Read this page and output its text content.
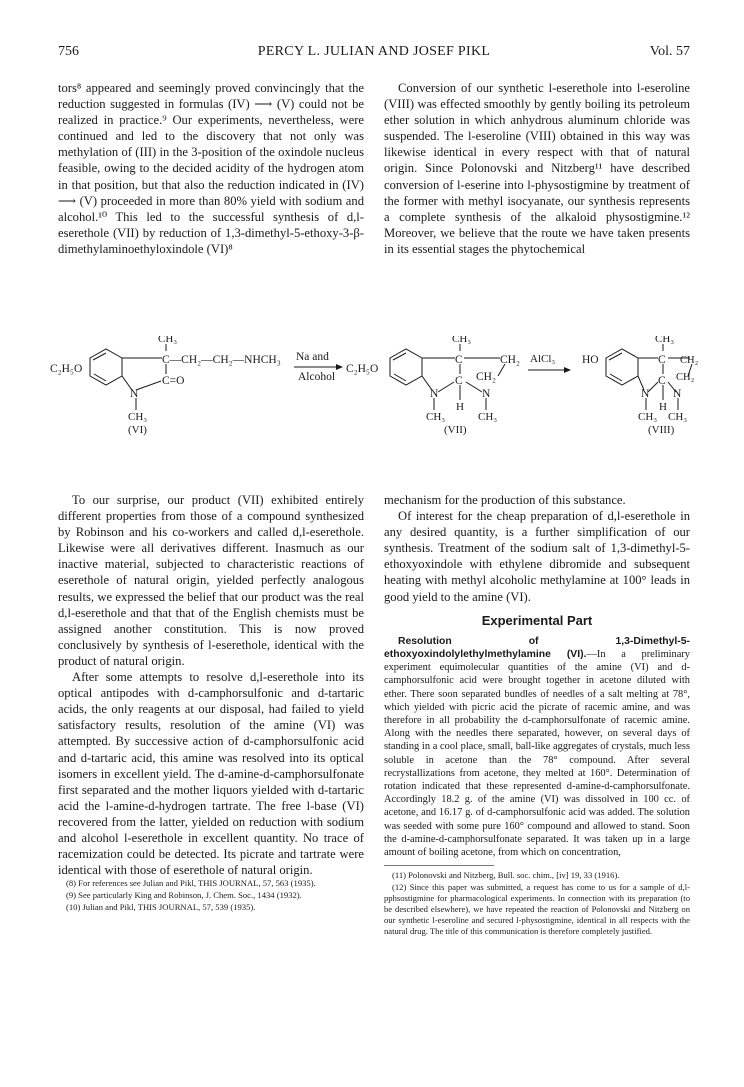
756	PERCY L. JULIAN AND JOSEF PIKL	Vol. 57

tors⁸ appeared and seemingly proved convincingly that the reduction suggested in formulas (IV) ⟶ (V) could not be realized in practice.⁹ Our experiments, nevertheless, were continued and led to the discovery that not only was methylation of (III) in the 3-position of the oxindole nucleus feasible, owing to the decided acidity of the hydrogen atom in that position, but that also the reduction indicated in (IV) ⟶ (V) proceeded in more than 80% yield with sodium and alcohol.¹⁰ This led to the successful synthesis of d,l-eserethole (VII) by reduction of 1,3-dimethyl-5-ethoxy-3-β-dimethylaminoethyloxindole (VI)⁸

Conversion of our synthetic l-eserethole into l-eseroline (VIII) was effected smoothly by gently boiling its petroleum ether solution in which anhydrous aluminum chloride was suspended. The l-eseroline (VIII) obtained in this way was likewise identical in every respect with that of natural origin. Since Polonovski and Nitzberg¹¹ have described conversion of l-eserine into l-physostigmine by treatment of the former with methyl isocyanate, our synthesis represents a complete synthesis of the alkaloid physostigmine.¹² Moreover, we believe that the route we have taken presents in its essential stages the phytochemical

CH₃
C₂H₅O
C—CH₂—CH₂—NHCH₃
C=O
N
CH₃
(VI)
Na and
Alcohol
CH₃
C₂H₅O
C	CH₂
C CH₂
N	N
H
CH₃	CH₃
(VII)
AlCl₃
CH₃
HO	C CH₂
C CH₂
N N
H
CH₃ CH₃
(VIII)

To our surprise, our product (VII) exhibited entirely different properties from those of a compound synthesized by Robinson and his co-workers and called d,l-eserethole. Likewise were all derivatives different. Inasmuch as our inactive material, subjected to characteristic reactions of eserethole of natural origin, yielded perfectly analogous results, we expressed the belief that our product was the real d,l-eserethole and that that of the English chemists must be assigned another constitution. This is now proved conclusively by synthesis of l-eserethole, identical with the product of natural origin.

After some attempts to resolve d,l-eserethole into its optical antipodes with d-camphorsulfonic and d-tartaric acids, the only reagents at our disposal, had failed to yield satisfactory results, resolution of the amine (VI) was attempted. By successive action of d-camphorsulfonic acid and d-tartaric acid, this amine was resolved into its optical isomers in excellent yield. The d-amine-d-camphorsulfonate first separated and the mother liquors yielded with d-tartaric acid the l-amine-d-hydrogen tartrate. The free l-base (VI) recovered from the latter, yielded on reduction with sodium and alcohol l-eserethole in excellent quantity. No trace of racemization could be detected. Its picrate and tartrate were identical with those of eserethole of natural origin.

(8) For references see Julian and Pikl, THIS JOURNAL, 57, 563 (1935).

(9) See particularly King and Robinson, J. Chem. Soc., 1434 (1932).

(10) Julian and Pikl, THIS JOURNAL, 57, 539 (1935).

mechanism for the production of this substance.

Of interest for the cheap preparation of d,l-eserethole in any desired quantity, is a further simplification of our synthesis. Treatment of the sodium salt of 1,3-dimethyl-5-ethoxyoxindole with ethylene dibromide and subsequent heating with methyl alcoholic methylamine at 100° leads in good yield to the amine (VI).

Experimental Part

Resolution of 1,3-Dimethyl-5-ethoxyoxindolylethylmethylamine (VI).—In a preliminary experiment equimolecular quantities of the amine (VI) and d-camphorsulfonic acid were brought together in acetone diluted with ether. There soon separated bundles of needles of a salt melting at 78°, which yielded with picric acid the picrate of racemic amine, and was therefore in all probability the d-camphorsulfonate of racemic amine. Along with the needles there separated, however, on several days of standing in a cool place, small, ball-like aggregates of crystals, much less soluble in acetone than the 78° compound. After several recrystallizations from acetone, they melted at 160°. Determination of rotation indicated that these represented d-amine-d-camphorsulfonate. Accordingly 18.2 g. of the amine (VI) was dissolved in 100 cc. of acetone, and 16.17 g. of d-camphorsulfonic acid was added. The solution was seeded with some pure 160° compound and allowed to stand. Soon the d-amine-d-camphorsulfonate separated. It was taken up in a large amount of boiling acetone, from which on concentration,

(11) Polonovski and Nitzberg, Bull. soc. chim., [iv] 19, 33 (1916).

(12) Since this paper was submitted, a request has come to us for a sample of d,l-pphsostigmine for pharmacological experiments. In connection with its preparation (to be described elsewhere), we have repeated the reaction of Polonovski and Nitzberg on our synthetic l-eseroline and secured l-physostigmine, identical in all respects with the natural drug. The title of this communication is therefore completely justified.
